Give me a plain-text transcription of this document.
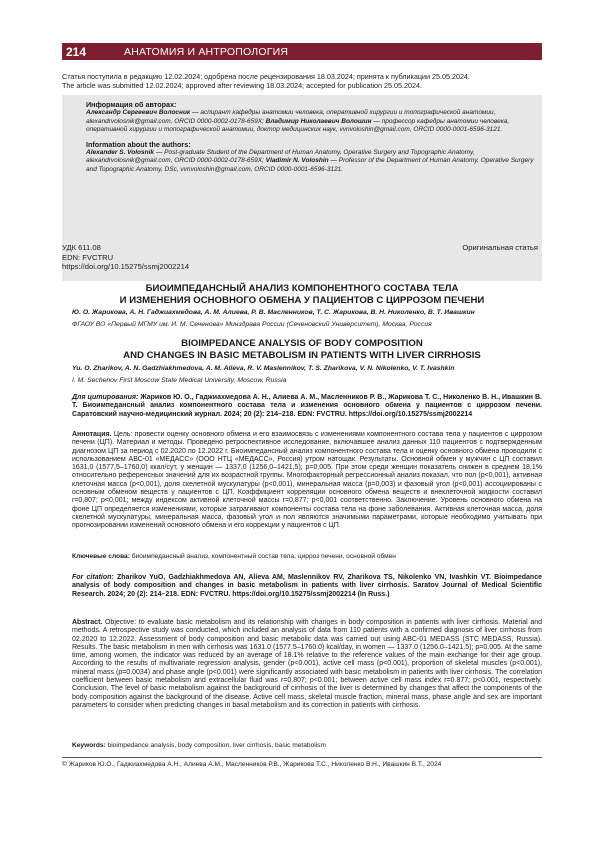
214	АНАТОМИЯ И АНТРОПОЛОГИЯ
Статья поступила в редакцию 12.02.2024; одобрена после рецензирования 18.03.2024; принята к публикации 25.05.2024.
The article was submitted 12.02.2024; approved after reviewing 18.03.2024; accepted for publication 25.05.2024.

Информация об авторах:

Александр Сергеевич Волосник — аспирант кафедры анатомии человека, оперативной хирургии и топографической анатомии, alexandrvolosnik@gmail.com, ORCID 0000-0002-0178-659X; Владимир Николаевич Волошин — профессор кафедры анатомии человека, оперативной хирургии и топографической анатомии, доктор медицинских наук, vvnvoloshin@gmail.com, ORCID 0000-0001-6596-3121.

Information about the authors:

Alexander S. Volosnik — Post-graduate Student of the Department of Human Anatomy, Operative Surgery and Topographic Anatomy, alexandrvolosnik@gmail.com, ORCID 0000-0002-0178-659X; Vladimir N. Voloshin — Professor of the Department of Human Anatomy, Operative Surgery and Topographic Anatomy, DSc, vvnvoloshin@gmail.com, ORCID 0000-0001-6596-3121.

УДК 611.08
EDN: FVCTRU
https://doi.org/10.15275/ssmj2002214
Оригинальная статья
БИОИМПЕДАНСНЫЙ АНАЛИЗ КОМПОНЕНТНОГО СОСТАВА ТЕЛА
И ИЗМЕНЕНИЯ ОСНОВНОГО ОБМЕНА У ПАЦИЕНТОВ С ЦИРРОЗОМ ПЕЧЕНИ
Ю. О. Жарикова, А. Н. Гаджиахмедова, А. М. Алиева, Р. В. Масленников, Т. С. Жарикова, В. Н. Николенко, В. Т. Ивашкин
ФГАОУ ВО «Первый МГМУ им. И. М. Сеченова» Минздрава России (Сеченовский Университет), Москва, Россия
BIOIMPEDANCE ANALYSIS OF BODY COMPOSITION
AND CHANGES IN BASIC METABOLISM IN PATIENTS WITH LIVER CIRRHOSIS
Yu. O. Zharikov, A. N. Gadzhiakhmedova, A. M. Alieva, R. V. Maslennikov, T. S. Zharikova, V. N. Nikolenko, V. T. Ivashkin
I. M. Sechenov First Moscow State Medical University, Moscow, Russia
Для цитирования: Жариков Ю. О., Гаджиахмедова А. Н., Алиева А. М., Масленников Р. В., Жарикова Т. С., Николенко В. Н., Ивашкин В. Т. Биоимпедансный анализ компонентного состава тела и изменения основного обмена у пациентов с циррозом печени. Саратовский научно-медицинский журнал. 2024; 20 (2): 214–218. EDN: FVCTRU. https://doi.org/10.15275/ssmj2002214
Аннотация. Цель: провести оценку основного обмена и его взаимосвязь с изменениями компонентного состава тела у пациентов с циррозом печени (ЦП). Материал и методы. Проведено ретроспективное исследование, включавшее анализ данных 110 пациентов с подтвержденным диагнозом ЦП за период с 02.2020 по 12.2022 г. Биоимпедансный анализ компонентного состава тела и оценку основного обмена проводили с использованием АВС-01 «МЕДАСС» (ООО НТЦ «МЕДАСС», Россия) утром натощак. Результаты. Основной обмен у мужчин с ЦП составил 1631,0 (1577,5–1760,0) ккал/сут, у женщин — 1337,0 (1256,0–1421,5); p=0,005. При этом среди женщин показатель снижен в среднем 18,1% относительно референсных значений для их возрастной группы. Многофакторный регрессионный анализ показал, что пол (p<0,001), активная клеточная масса (p<0,001), доля скелетной мускулатуры (p<0,001), минеральная масса (p=0,003) и фазовый угол (p<0,001) ассоциированы с основным обменом веществ у пациентов с ЦП. Коэффициент корреляции основного обмена веществ и внеклеточной жидкости составил r=0,807; p<0,001; между индексом активной клеточной массы r=0,877; p<0,001 соответственно. Заключение. Уровень основного обмена на фоне ЦП определяется изменениями, которые затрагивают компоненты состава тела на фоне заболевания. Активная клеточная масса, доля скелетной мускулатуры, минеральная масса, фазовый угол и пол являются значимыми параметрами, которые необходимо учитывать при прогнозировании изменений основного обмена и его коррекции у пациентов с ЦП.
Ключевые слова: биоимпедансный анализ, компонентный состав тела, цирроз печени, основной обмен
For citation: Zharikov YuO, Gadzhiakhmedova AN, Alieva AM, Maslennikov RV, Zharikova TS, Nikolenko VN, Ivashkin VT. Bioimpedance analysis of body composition and changes in basic metabolism in patients with liver cirrhosis. Saratov Journal of Medical Scientific Research. 2024; 20 (2): 214–218. EDN: FVCTRU. https://doi.org/10.15275/ssmj2002214 (In Russ.)
Abstract. Objective: to evaluate basic metabolism and its relationship with changes in body composition in patients with liver cirrhosis. Material and methods. A retrospective study was conducted, which included an analysis of data from 110 patients with a confirmed diagnosis of liver cirrhosis from 02.2020 to 12.2022. Assessment of body composition and basic metabolic data was carried out using ABC-01 MEDASS (STC MEDASS, Russia). Results. The basic metabolism in men with cirrhosis was 1631.0 (1577.5–1760.0) kcal/day, in women — 1337.0 (1256.0–1421.5); p=0.005. At the same time, among women, the indicator was reduced by an average of 18.1% relative to the reference values of the main exchange for their age group. According to the results of multivariate regression analysis, gender (p<0.001), active cell mass (p<0.001), proportion of skeletal muscles (p<0.001), mineral mass (p=0.0034) and phase angle (p<0.001) were significantly associated with basic metabolism in patients with liver cirrhosis. The correlation coefficient between basic metabolism and extracellular fluid was r=0.807; p<0.001; between active cell mass index r=0.877; p<0.001, respectively. Conclusion. The level of basic metabolism against the background of cirrhosis of the liver is determined by changes that affect the components of the body composition against the background of the disease. Active cell mass, skeletal muscle fraction, mineral mass, phase angle and sex are important parameters to consider when predicting changes in basal metabolism and its correction in patients with cirrhosis.
Keywords: bioimpedance analysis, body composition, liver cirrhosis, basic metabolism
© Жариков Ю.О., Гаджиахмедова А.Н., Алиева А.М., Масленников Р.В., Жарикова Т.С., Николенко В.Н., Ивашкин В.Т., 2024
